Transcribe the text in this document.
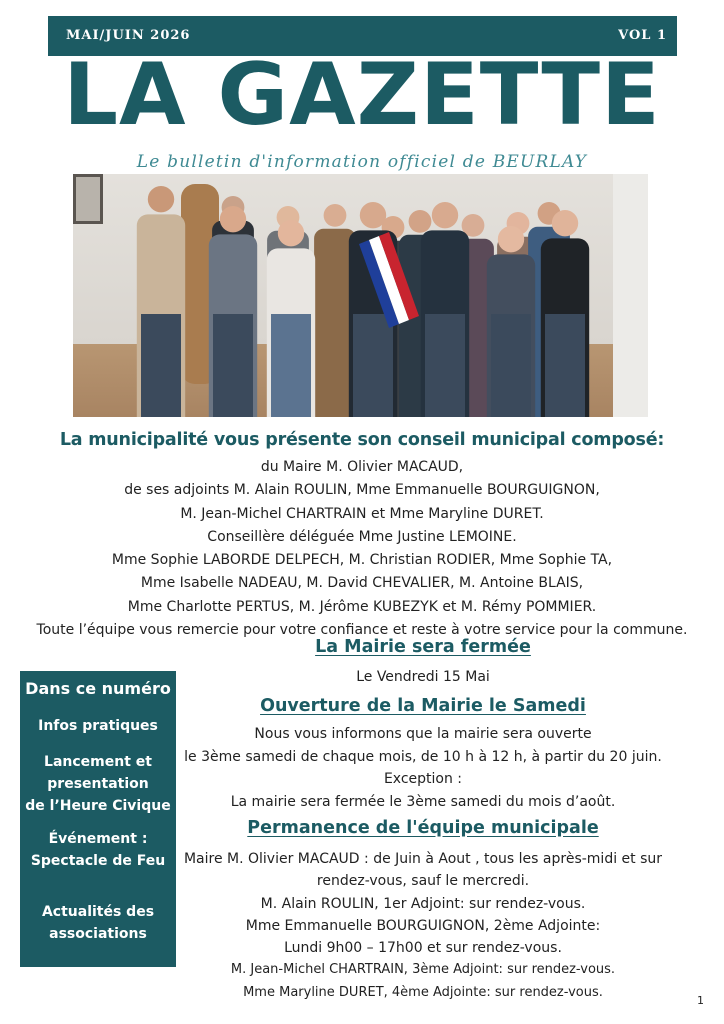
MAI/JUIN 2026	VOL 1
LA GAZETTE
Le bulletin d'information officiel de BEURLAY
La municipalité vous présente son conseil municipal composé:
du Maire M. Olivier MACAUD,
de ses adjoints M. Alain ROULIN, Mme Emmanuelle BOURGUIGNON,
M. Jean-Michel CHARTRAIN et Mme Maryline DURET.
Conseillère déléguée Mme Justine LEMOINE.
Mme Sophie LABORDE DELPECH, M. Christian RODIER, Mme Sophie TA,
Mme Isabelle NADEAU, M. David CHEVALIER, M. Antoine BLAIS,
Mme Charlotte PERTUS, M. Jérôme KUBEZYK et M. Rémy POMMIER.
Toute l’équipe vous remercie pour votre confiance et reste à votre service pour la commune.
La Mairie sera fermée
Le Vendredi 15 Mai
Ouverture de la Mairie le Samedi
Nous vous informons que la mairie sera ouverte
le 3ème samedi de chaque mois, de 10 h à 12 h, à partir du 20 juin.
Exception :
La mairie sera fermée le 3ème samedi du mois d’août.
Permanence de l'équipe municipale
Maire M. Olivier MACAUD : de Juin à Aout , tous les après-midi et sur
rendez-vous, sauf le mercredi.
M. Alain ROULIN, 1er Adjoint: sur rendez-vous.
Mme Emmanuelle BOURGUIGNON, 2ème Adjointe:
Lundi 9h00 – 17h00 et sur rendez-vous.
M. Jean-Michel CHARTRAIN, 3ème Adjoint: sur rendez-vous.
Mme Maryline DURET, 4ème Adjointe: sur rendez-vous.
Dans ce numéro
Infos pratiques
Lancement et
presentation
de l’Heure Civique
Événement :
Spectacle de Feu
Actualités des
associations
1
